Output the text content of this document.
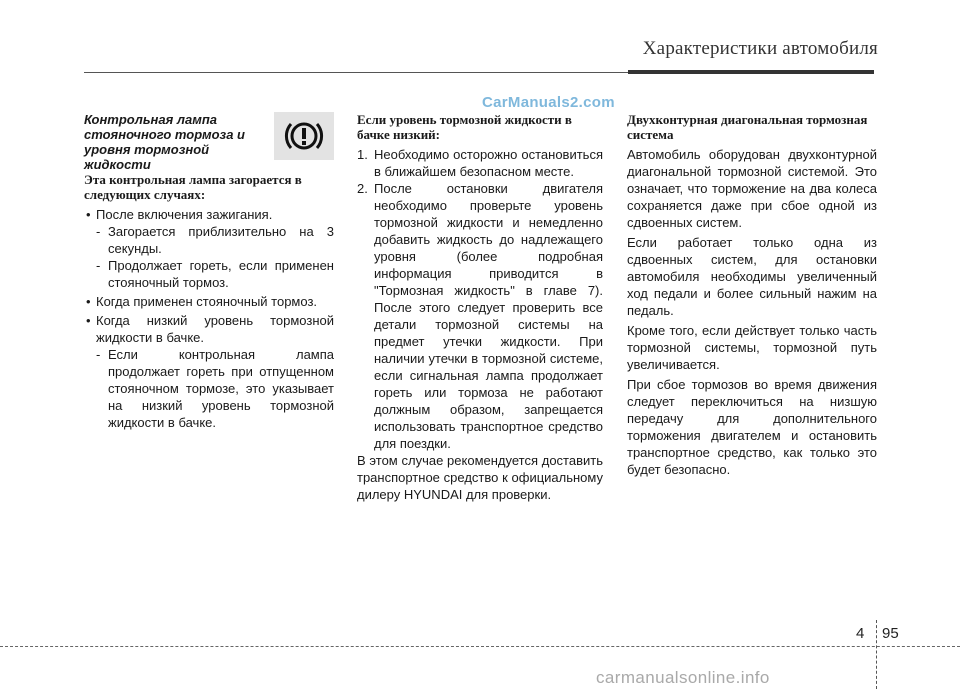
Характеристики автомобиля
CarManuals2.com
Контрольная лампа стояночного тормоза и уровня тормозной жидкости

Эта контрольная лампа загорается в следующих случаях:

• После включения зажигания.

- Загорается приблизительно на 3 секунды.

- Продолжает гореть, если применен стояночный тормоз.

• Когда применен стояночный тормоз.

• Когда низкий уровень тормозной жидкости в бачке.

- Если контрольная лампа продолжает гореть при отпущенном стояночном тормозе, это указывает на низкий уровень тормозной жидкости в бачке.

Если уровень тормозной жидкости в бачке низкий:

1. Необходимо осторожно остановиться в ближайшем безопасном месте.

2. После остановки двигателя необходимо проверьте уровень тормозной жидкости и немедленно добавить жидкость до надлежащего уровня (более подробная информация приводится в "Тормозная жидкость" в главе 7). После этого следует проверить все детали тормозной системы на предмет утечки жидкости. При наличии утечки в тормозной системе, если сигнальная лампа продолжает гореть или тормоза не работают должным образом, запрещается использовать транспортное средство для поездки.

В этом случае рекомендуется доставить транспортное средство к официальному дилеру HYUNDAI для проверки.

Двухконтурная диагональная тормозная система

Автомобиль оборудован двухконтурной диагональной тормозной системой. Это означает, что торможение на два колеса сохраняется даже при сбое одной из сдвоенных систем.

Если работает только одна из сдвоенных систем, для остановки автомобиля необходимы увеличенный ход педали и более сильный нажим на педаль.

Кроме того, если действует только часть тормозной системы, тормозной путь увеличивается.

При сбое тормозов во время движения следует переключиться на низшую передачу для дополнительного торможения двигателем и остановить транспортное средство, как только это будет безопасно.

4 95
carmanualsonline.info
